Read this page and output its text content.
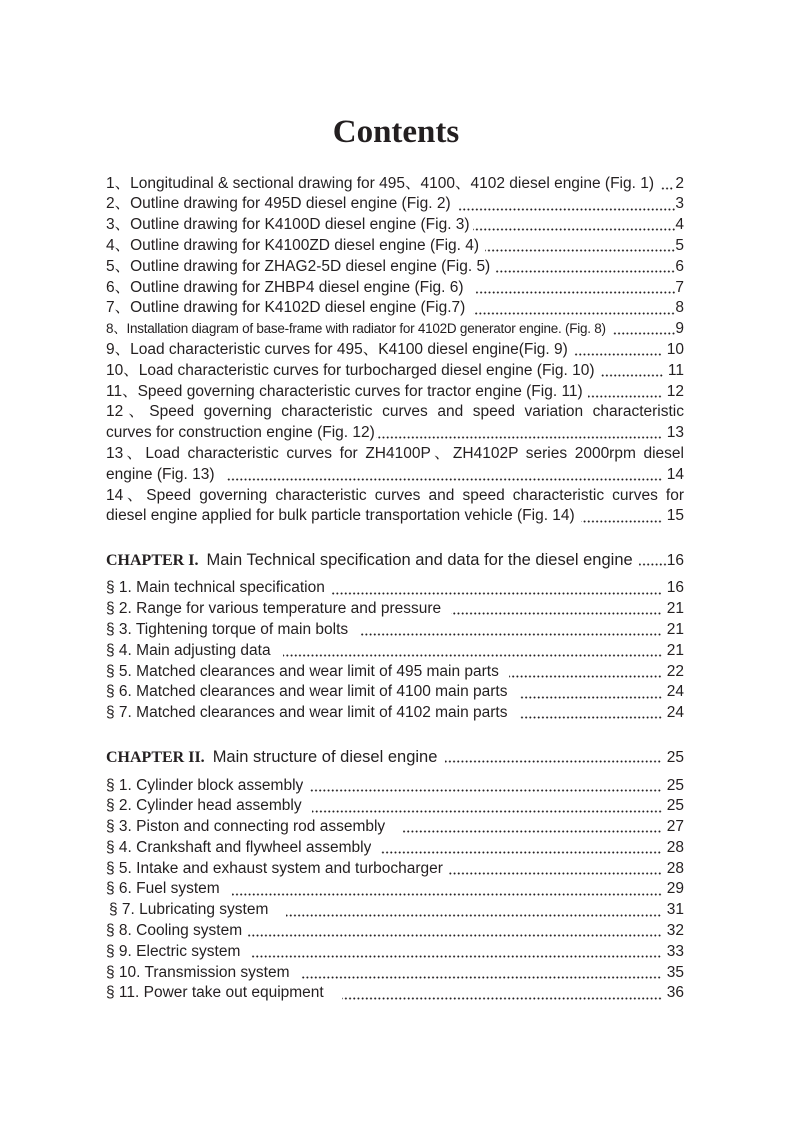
Contents
1、Longitudinal & sectional drawing for 495、4100、4102 diesel engine (Fig. 1) 2
2、Outline drawing for 495D diesel engine (Fig. 2)	3
3、Outline drawing for K4100D diesel engine (Fig. 3)	4
4、Outline drawing for K4100ZD diesel engine (Fig. 4)	5
5、Outline drawing for ZHAG2-5D diesel engine (Fig. 5)	6
6、Outline drawing for ZHBP4 diesel engine (Fig. 6)	7
7、Outline drawing for K4102D diesel engine (Fig.7)	8
8、Installation diagram of base-frame with radiator for 4102D generator engine. (Fig. 8)	9
9、Load characteristic curves for 495、K4100 diesel engine(Fig. 9)	10
10、Load characteristic curves for turbocharged diesel engine (Fig. 10)	11
11、Speed governing characteristic curves for tractor engine (Fig. 11)	12
12、Speed governing characteristic curves and speed variation characteristic
curves for construction engine (Fig. 12)	13
13、Load characteristic curves for ZH4100P、ZH4102P series 2000rpm diesel
engine (Fig. 13)	14
14、Speed governing characteristic curves and speed characteristic curves for
diesel engine applied for bulk particle transportation vehicle (Fig. 14)	15
CHAPTER I. Main Technical specification and data for the diesel engine 16
§ 1. Main technical specification	16
§ 2. Range for various temperature and pressure	21
§ 3. Tightening torque of main bolts	21
§ 4. Main adjusting data	21
§ 5. Matched clearances and wear limit of 495 main parts	22
§ 6. Matched clearances and wear limit of 4100 main parts	24
§ 7. Matched clearances and wear limit of 4102 main parts	24
CHAPTER II. Main structure of diesel engine	25
§ 1. Cylinder block assembly	25
§ 2. Cylinder head assembly	25
§ 3. Piston and connecting rod assembly	27
§ 4. Crankshaft and flywheel assembly	28
§ 5. Intake and exhaust system and turbocharger	28
§ 6. Fuel system	29
§ 7. Lubricating system	31
§ 8. Cooling system	32
§ 9. Electric system	33
§ 10. Transmission system	35
§ 11. Power take out equipment	36
